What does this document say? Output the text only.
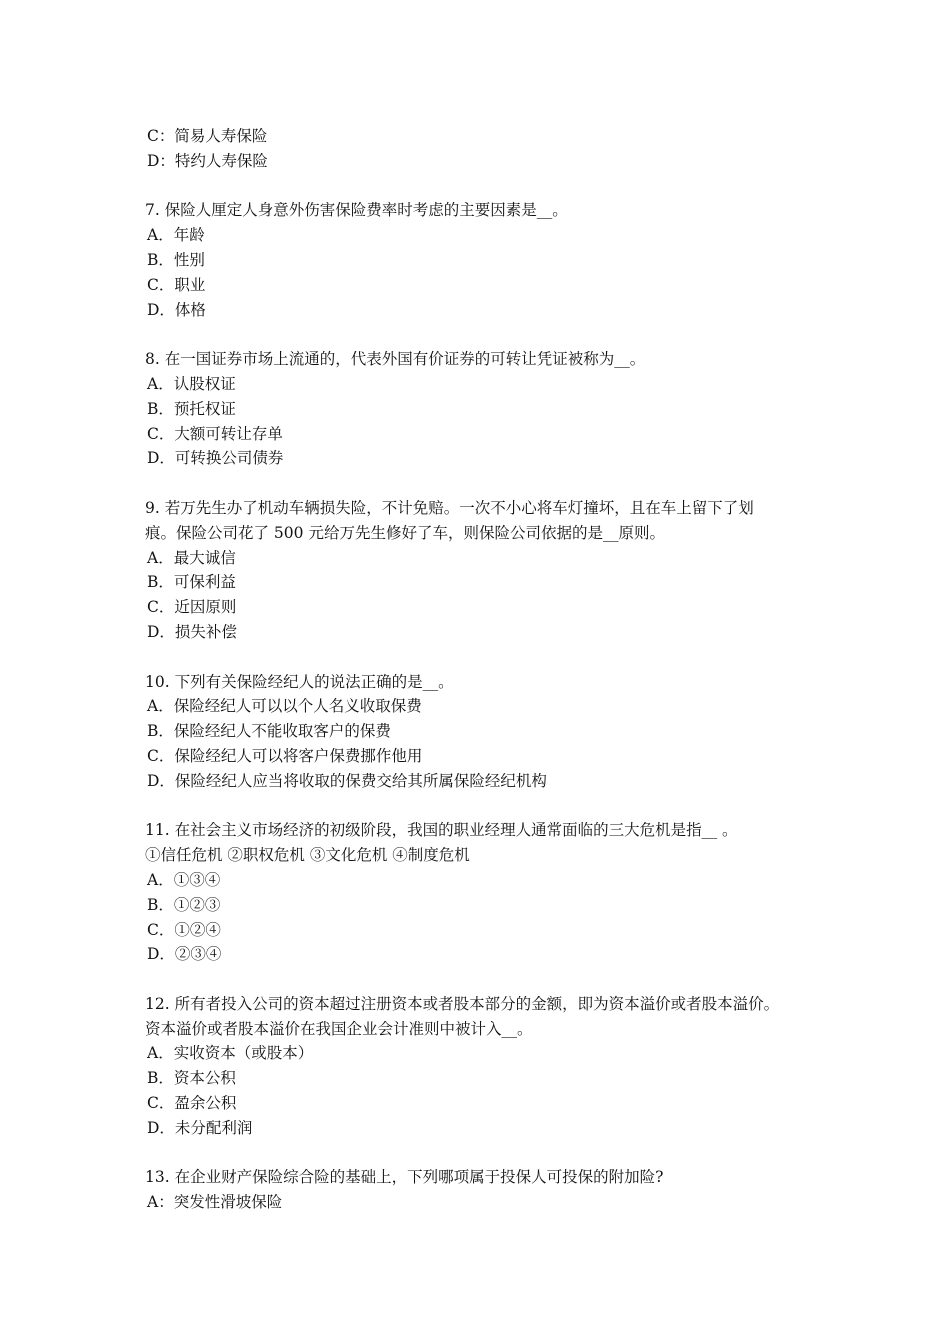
C：简易人寿保险
D：特约人寿保险
7. 保险人厘定人身意外伤害保险费率时考虑的主要因素是__。
A．年龄
B．性别
C．职业
D．体格
8. 在一国证券市场上流通的，代表外国有价证券的可转让凭证被称为__。
A．认股权证
B．预托权证
C．大额可转让存单
D．可转换公司债券
9. 若万先生办了机动车辆损失险，不计免赔。一次不小心将车灯撞坏，且在车上留下了划
痕。保险公司花了 500 元给万先生修好了车，则保险公司依据的是__原则。
A．最大诚信
B．可保利益
C．近因原则
D．损失补偿
10. 下列有关保险经纪人的说法正确的是__。
A．保险经纪人可以以个人名义收取保费
B．保险经纪人不能收取客户的保费
C．保险经纪人可以将客户保费挪作他用
D．保险经纪人应当将收取的保费交给其所属保险经纪机构
11. 在社会主义市场经济的初级阶段，我国的职业经理人通常面临的三大危机是指__ 。
①信任危机 ②职权危机 ③文化危机 ④制度危机
A．①③④
B．①②③
C．①②④
D．②③④
12. 所有者投入公司的资本超过注册资本或者股本部分的金额，即为资本溢价或者股本溢价。
资本溢价或者股本溢价在我国企业会计准则中被计入__。
A．实收资本（或股本）
B．资本公积
C．盈余公积
D．未分配利润
13. 在企业财产保险综合险的基础上，下列哪项属于投保人可投保的附加险?
A：突发性滑坡保险
